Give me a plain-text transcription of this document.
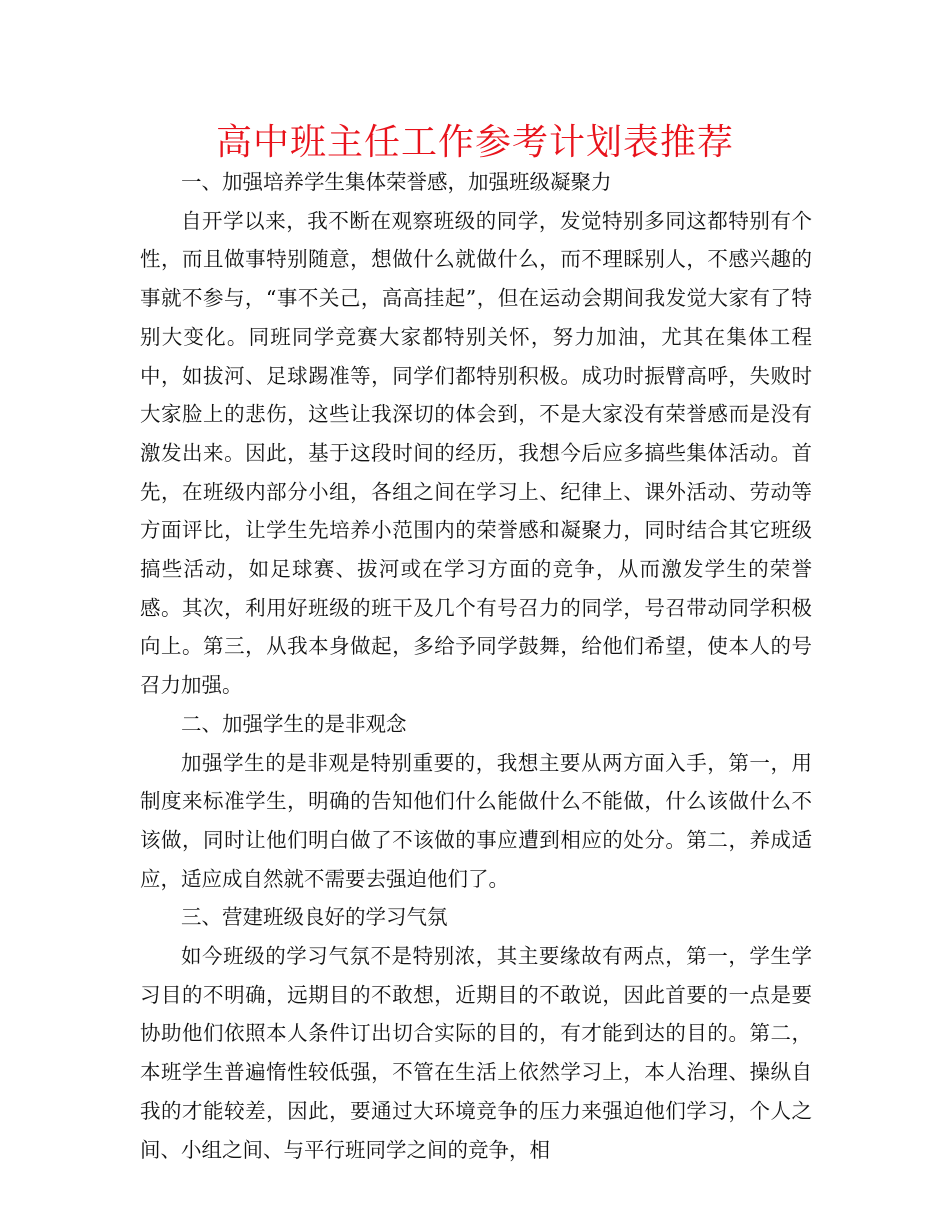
高中班主任工作参考计划表推荐

一、加强培养学生集体荣誉感，加强班级凝聚力

自开学以来，我不断在观察班级的同学，发觉特别多同这都特别有个性，而且做事特别随意，想做什么就做什么，而不理睬别人，不感兴趣的事就不参与，“事不关己，高高挂起”，但在运动会期间我发觉大家有了特别大变化。同班同学竞赛大家都特别关怀，努力加油，尤其在集体工程中，如拔河、足球踢准等，同学们都特别积极。成功时振臂高呼，失败时大家脸上的悲伤，这些让我深切的体会到，不是大家没有荣誉感而是没有激发出来。因此，基于这段时间的经历，我想今后应多搞些集体活动。首先，在班级内部分小组，各组之间在学习上、纪律上、课外活动、劳动等方面评比，让学生先培养小范围内的荣誉感和凝聚力，同时结合其它班级搞些活动，如足球赛、拔河或在学习方面的竞争，从而激发学生的荣誉感。其次，利用好班级的班干及几个有号召力的同学，号召带动同学积极向上。第三，从我本身做起，多给予同学鼓舞，给他们希望，使本人的号召力加强。

二、加强学生的是非观念

加强学生的是非观是特别重要的，我想主要从两方面入手，第一，用制度来标准学生，明确的告知他们什么能做什么不能做，什么该做什么不该做，同时让他们明白做了不该做的事应遭到相应的处分。第二，养成适应，适应成自然就不需要去强迫他们了。

三、营建班级良好的学习气氛

如今班级的学习气氛不是特别浓，其主要缘故有两点，第一，学生学习目的不明确，远期目的不敢想，近期目的不敢说，因此首要的一点是要协助他们依照本人条件订出切合实际的目的，有才能到达的目的。第二，本班学生普遍惰性较低强，不管在生活上依然学习上，本人治理、操纵自我的才能较差，因此，要通过大环境竞争的压力来强迫他们学习，个人之间、小组之间、与平行班同学之间的竞争，相
